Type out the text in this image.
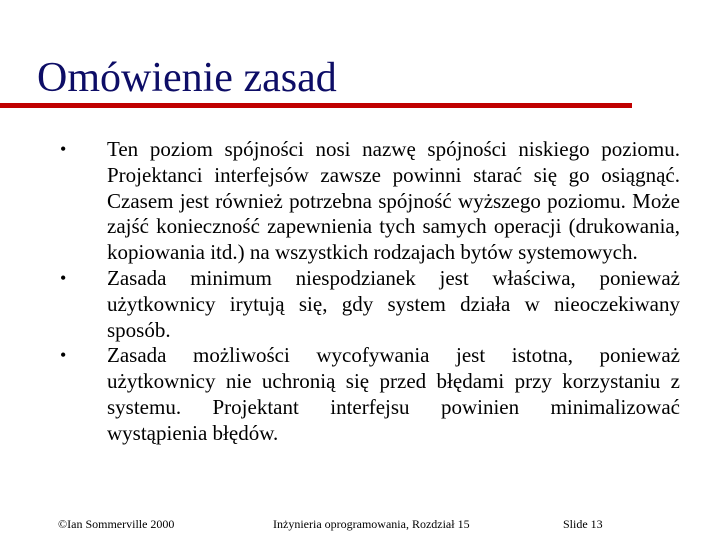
Omówienie zasad
•	Ten poziom spójności nosi nazwę spójności niskiego poziomu. Projektanci interfejsów zawsze powinni starać się go osiągnąć. Czasem jest również potrzebna spójność wyższego poziomu. Może zajść konieczność zapewnienia tych samych operacji (drukowania, kopiowania itd.) na wszystkich rodzajach bytów systemowych.
•	Zasada minimum niespodzianek jest właściwa, ponieważ użytkownicy irytują się, gdy system działa w nieoczekiwany sposób.
•	Zasada możliwości wycofywania jest istotna, ponieważ użytkownicy nie uchronią się przed błędami przy korzystaniu z systemu. Projektant interfejsu powinien minimalizować wystąpienia błędów.
©Ian Sommerville 2000	Inżynieria oprogramowania, Rozdział 15	Slide 13
